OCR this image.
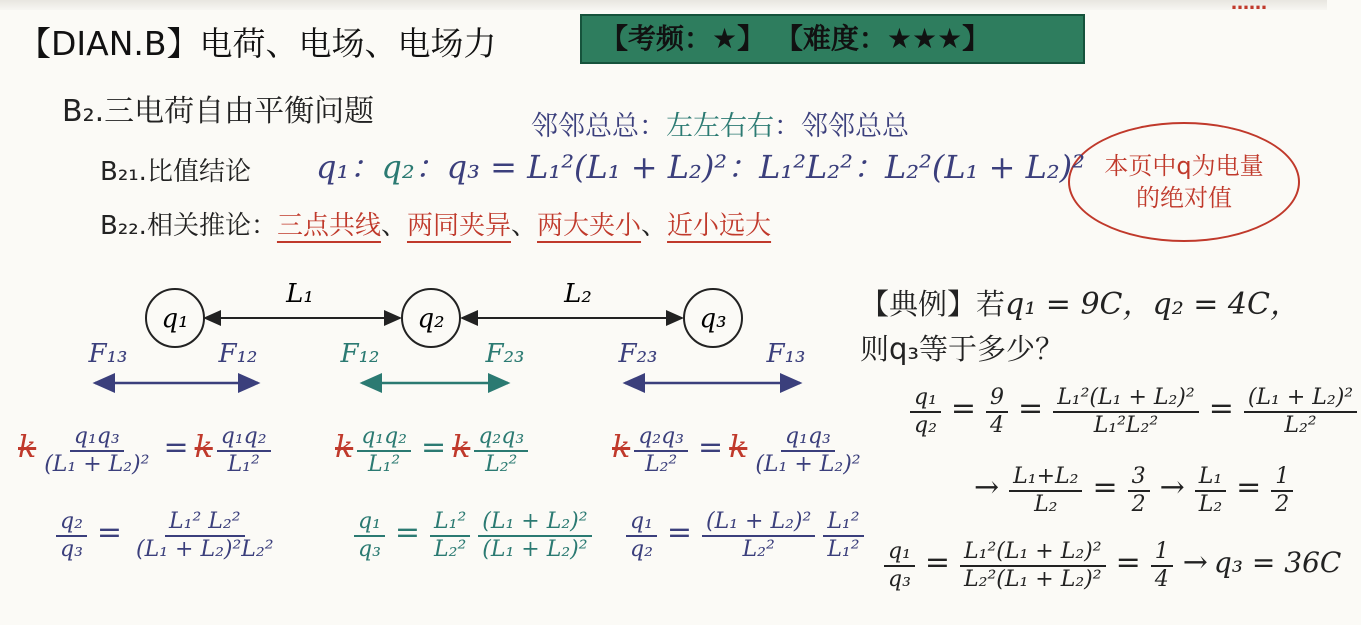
……
【DIAN.B】电荷、电场、电场力	【考频：★】 【难度：★★★】
B₂.三电荷自由平衡问题	邻邻总总：左左右右：邻邻总总
本页中q为电量的绝对值
B₂₁.比值结论 q₁：q₂：q₃ = L₁²(L₁ + L₂)²：L₁²L₂²：L₂²(L₁ + L₂)²
B₂₂.相关推论：三点共线、两同夹异、两大夹小、近小远大
q₁	q₂	q₃
L₁	L₂
F₁₃	F₁₂	F₁₂	F₂₃	F₂₃	F₁₃
k $\frac{\text{q₁q₃}}{\text{(L₁ + L₂)²}} = k \frac{\text{q₁q₂}}{\text{L₁²}}$ k $\frac{\text{q₁q₂}}{\text{L₁²}} = k \frac{\text{q₂q₃}}{\text{L₂²}}$	k $\frac{\text{q₂q₃}}{\text{L₂²}} = k \frac{\text{q₁q₃}}{\text{(L₁ + L₂)²}}$
$\frac{\text{q₂}}{\text{q₃}} = \frac{\text{L₁² L₂²}}{\text{(L₁ + L₂)²L₂²}}$	$\frac{\text{q₁}}{\text{q₃}} = \frac{\text{L₁²}}{\text{L₂²}} \frac{\text{(L₁ + L₂)²}}{\text{(L₁ + L₂)²}} \frac{\text{q₁}}{\text{q₂}} = \frac{\text{(L₁ + L₂)²}}{\text{L₂²}} \frac{\text{L₁²}}{\text{L₁²}}$
【典例】若q₁ = 9C，q₂ = 4C，
则q₃等于多少？
$\frac{\text{q₁}}{\text{q₂}} = \frac{9}{4} = \frac{\text{L₁²(L₁ + L₂)²}}{\text{L₁²L₂²}} = \frac{\text{(L₁ + L₂)²}}{\text{L₂²}}$
→ $\frac{\text{L₁+L₂}}{\text{L₂}} = \frac{3}{2} \to \frac{\text{L₁}}{\text{L₂}} = \frac{1}{2}$
$\frac{\text{q₁}}{\text{q₃}} = \frac{\text{L₁²(L₁ + L₂)²}}{\text{L₂²(L₁ + L₂)²}} = \frac{1}{4} \to q_3 = 36C$
